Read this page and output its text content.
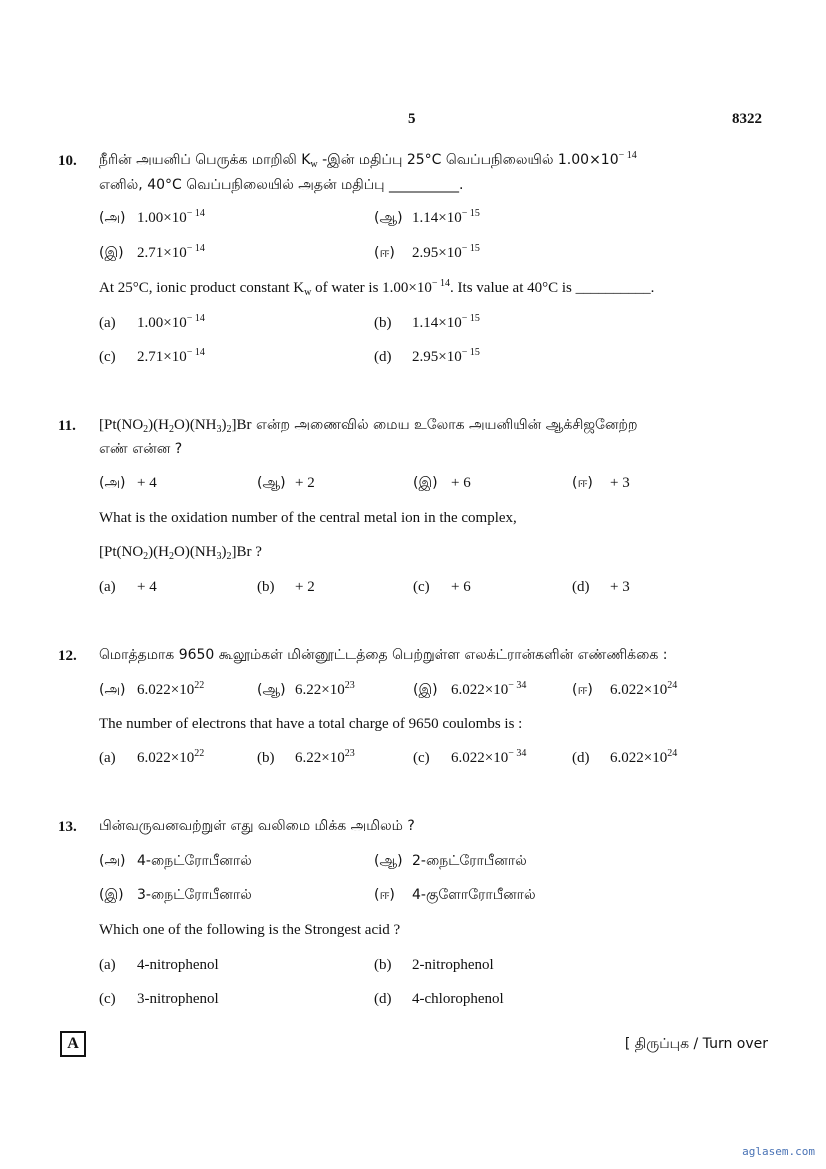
5	8322
10. நீரின் அயனிப் பெருக்க மாறிலி $K_w$ -இன் மதிப்பு 25°C வெப்பநிலையில் $1.00\times 10^{- 14}$
எனில், 40°C வெப்பநிலையில் அதன் மதிப்பு __________.
(அ) $1.00\times 10^{- 14}$	(ஆ) $1.14\times 10^{- 15}$
(இ) $2.71\times 10^{- 14}$	(ஈ) $2.95\times 10^{- 15}$
At 25°C, ionic product constant $K_w$ of water is $1.00\times 10^{- 14}$. Its value at 40°C is __________.
(a) $1.00\times 10^{- 14}$	(b) $1.14\times 10^{- 15}$
(c) $2.71\times 10^{- 14}$	(d) $2.95\times 10^{- 15}$
11. $[Pt(NO_2)(H_2O)(NH_3)_2]Br$ என்ற அணைவில் மைய உலோக அயனியின் ஆக்சிஜனேற்ற
எண் என்ன ?
(அ) + 4	(ஆ) + 2	(இ) + 6	(ஈ) + 3
What is the oxidation number of the central metal ion in the complex,
$[Pt(NO_2)(H_2O)(NH_3)_2]Br$ ?
(a) + 4	(b) + 2	(c) + 6	(d) + 3
12. மொத்தமாக 9650 கூலூம்கள் மின்னூட்டத்தை பெற்றுள்ள எலக்ட்ரான்களின் எண்ணிக்கை :
(அ) $6.022\times 10^{22}$	(ஆ) $6.22\times 10^{23}$	(இ) $6.022\times 10^{- 34}$	(ஈ) $6.022\times 10^{24}$
The number of electrons that have a total charge of 9650 coulombs is :
(a) $6.022\times 10^{22}$	(b) $6.22\times 10^{23}$	(c) $6.022\times 10^{- 34}$	(d) $6.022\times 10^{24}$
13. பின்வருவனவற்றுள் எது வலிமை மிக்க அமிலம் ?
(அ) 4-நைட்ரோபீனால்	(ஆ) 2-நைட்ரோபீனால்
(இ) 3-நைட்ரோபீனால்	(ஈ) 4-குளோரோபீனால்
Which one of the following is the Strongest acid ?
(a) 4-nitrophenol	(b) 2-nitrophenol
(c) 3-nitrophenol	(d) 4-chlorophenol
A	[ திருப்புக / Turn over
aglasem.com
